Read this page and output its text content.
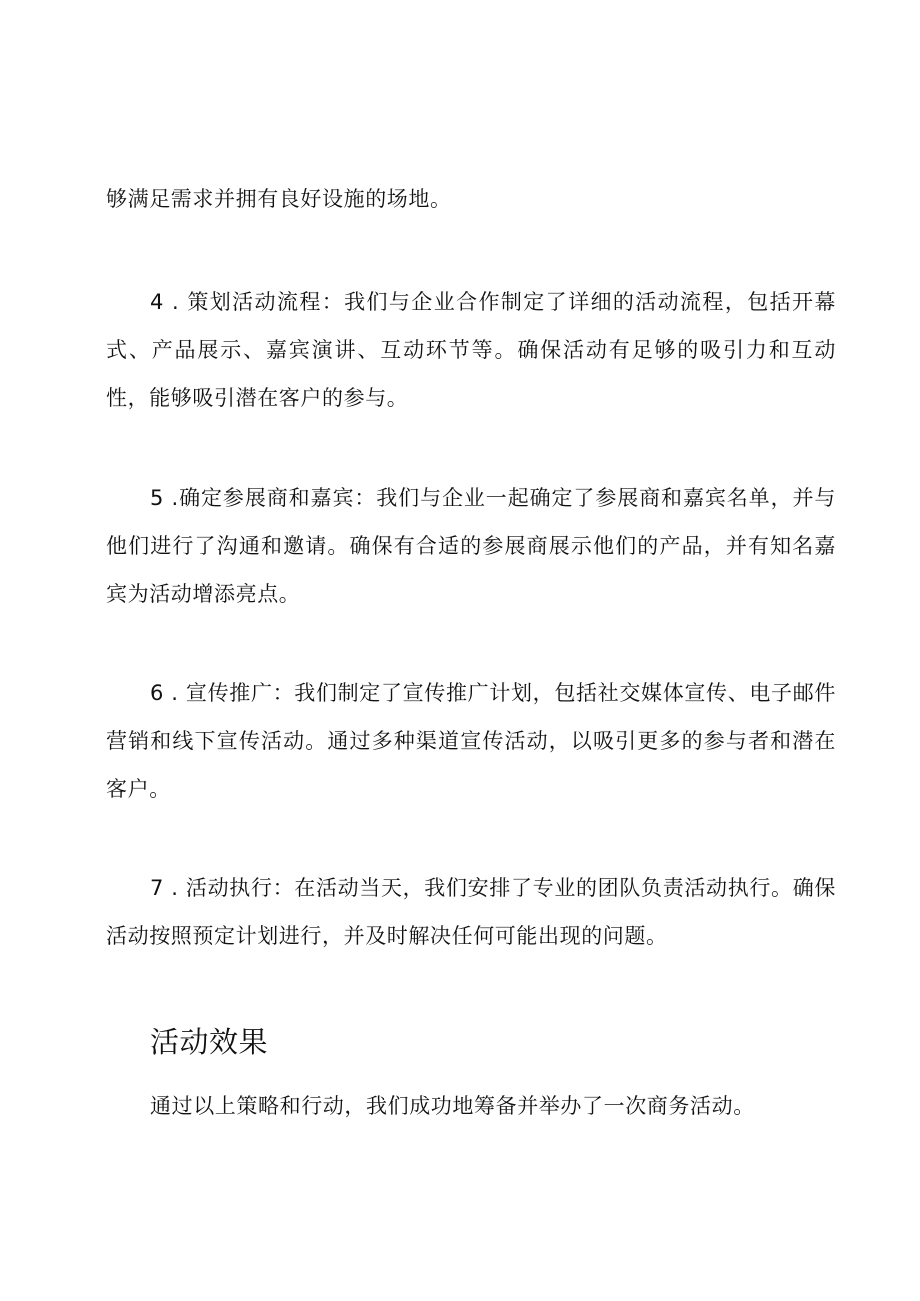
够满足需求并拥有良好设施的场地。

4 . 策划活动流程：我们与企业合作制定了详细的活动流程，包括开幕式、产品展示、嘉宾演讲、互动环节等。确保活动有足够的吸引力和互动性，能够吸引潜在客户的参与。

5 .确定参展商和嘉宾：我们与企业一起确定了参展商和嘉宾名单，并与他们进行了沟通和邀请。确保有合适的参展商展示他们的产品，并有知名嘉宾为活动增添亮点。

6 . 宣传推广：我们制定了宣传推广计划，包括社交媒体宣传、电子邮件营销和线下宣传活动。通过多种渠道宣传活动，以吸引更多的参与者和潜在客户。

7 . 活动执行：在活动当天，我们安排了专业的团队负责活动执行。确保活动按照预定计划进行，并及时解决任何可能出现的问题。

活动效果

通过以上策略和行动，我们成功地筹备并举办了一次商务活动。
